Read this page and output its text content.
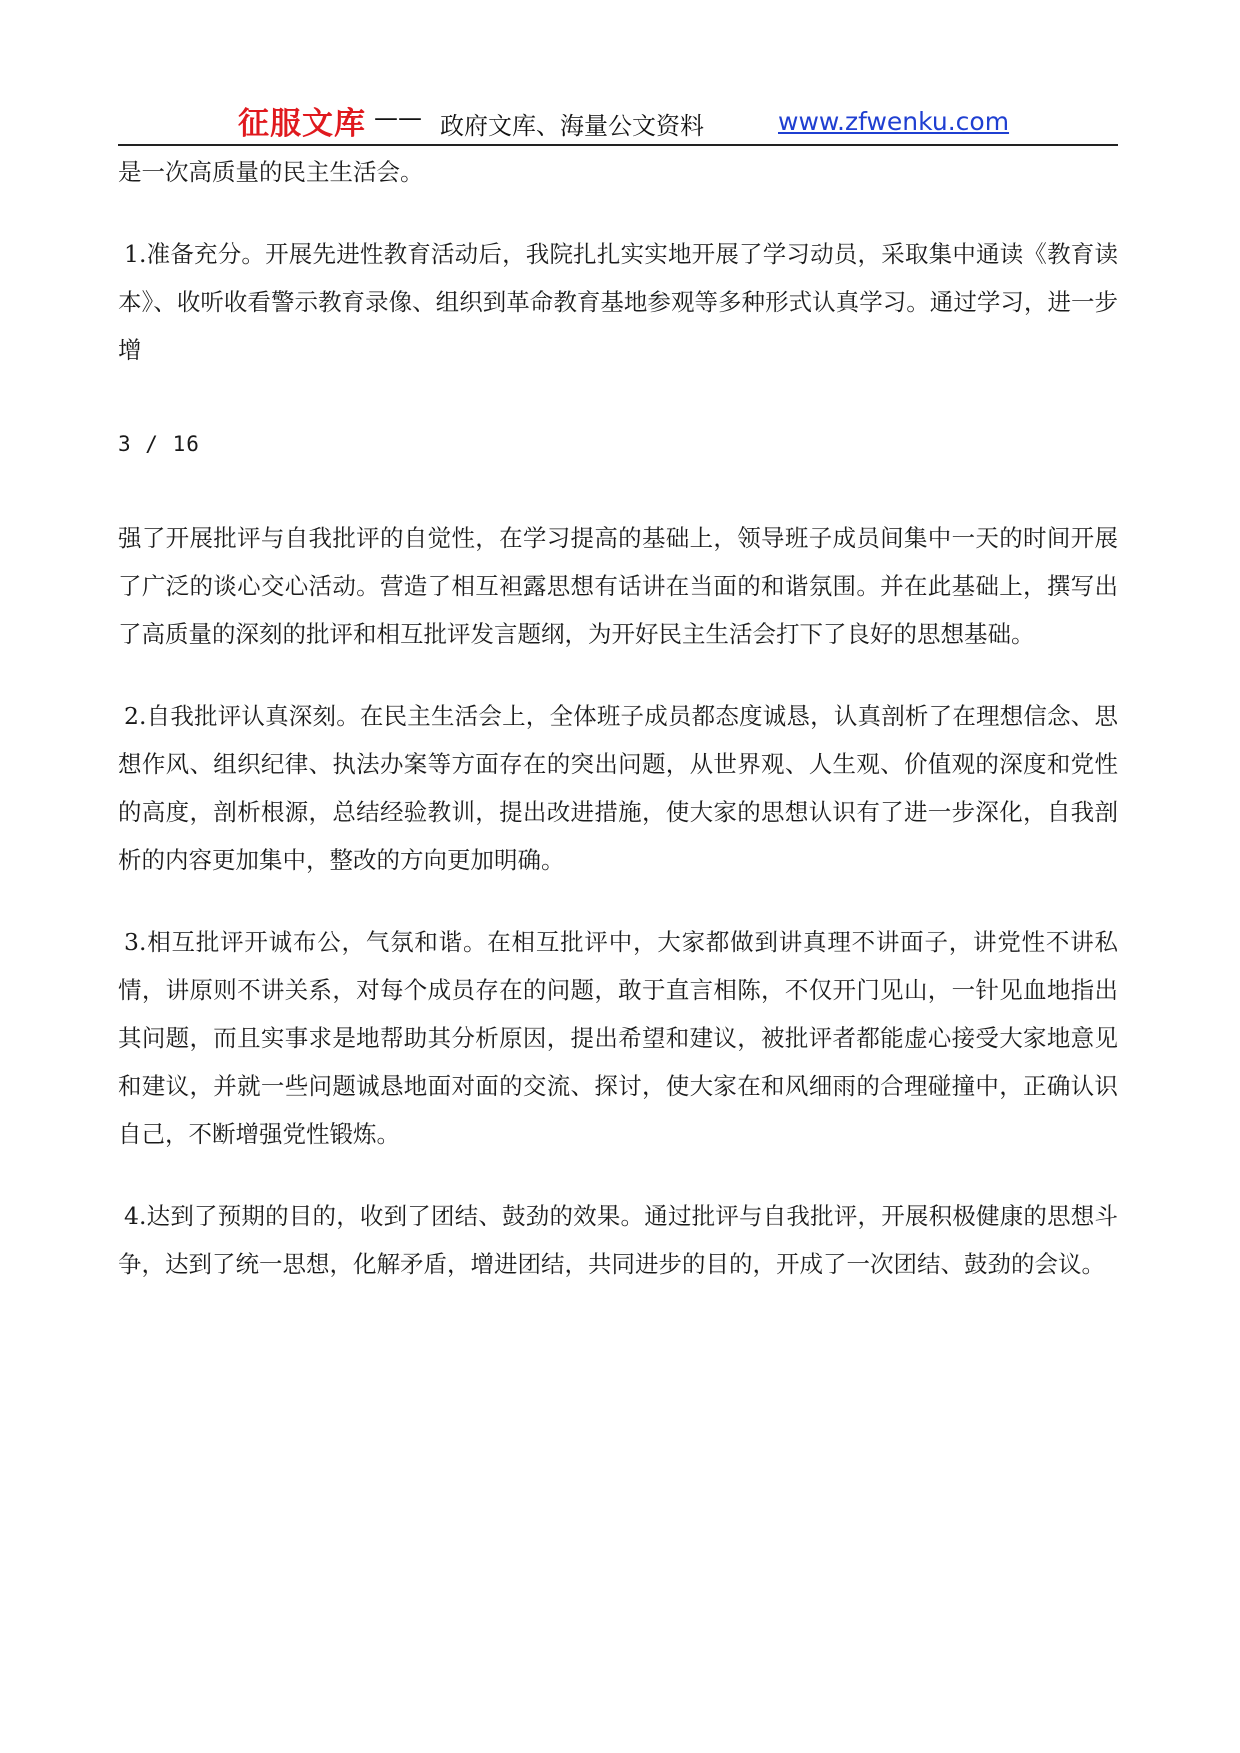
征服文库 —— 政府文库、海量公文资料	www.zfwenku.com

是一次高质量的民主生活会。

1.准备充分。开展先进性教育活动后，我院扎扎实实地开展了学习动员，采取集中通读《教育读本》、收听收看警示教育录像、组织到革命教育基地参观等多种形式认真学习。通过学习，进一步增

3 / 16

强了开展批评与自我批评的自觉性，在学习提高的基础上，领导班子成员间集中一天的时间开展了广泛的谈心交心活动。营造了相互袒露思想有话讲在当面的和谐氛围。并在此基础上，撰写出了高质量的深刻的批评和相互批评发言题纲，为开好民主生活会打下了良好的思想基础。

2.自我批评认真深刻。在民主生活会上，全体班子成员都态度诚恳，认真剖析了在理想信念、思想作风、组织纪律、执法办案等方面存在的突出问题，从世界观、人生观、价值观的深度和党性的高度，剖析根源，总结经验教训，提出改进措施，使大家的思想认识有了进一步深化，自我剖析的内容更加集中，整改的方向更加明确。

3.相互批评开诚布公，气氛和谐。在相互批评中，大家都做到讲真理不讲面子，讲党性不讲私情，讲原则不讲关系，对每个成员存在的问题，敢于直言相陈，不仅开门见山，一针见血地指出其问题，而且实事求是地帮助其分析原因，提出希望和建议，被批评者都能虚心接受大家地意见和建议，并就一些问题诚恳地面对面的交流、探讨，使大家在和风细雨的合理碰撞中，正确认识自己，不断增强党性锻炼。

4.达到了预期的目的，收到了团结、鼓劲的效果。通过批评与自我批评，开展积极健康的思想斗争，达到了统一思想，化解矛盾，增进团结，共同进步的目的，开成了一次团结、鼓劲的会议。
